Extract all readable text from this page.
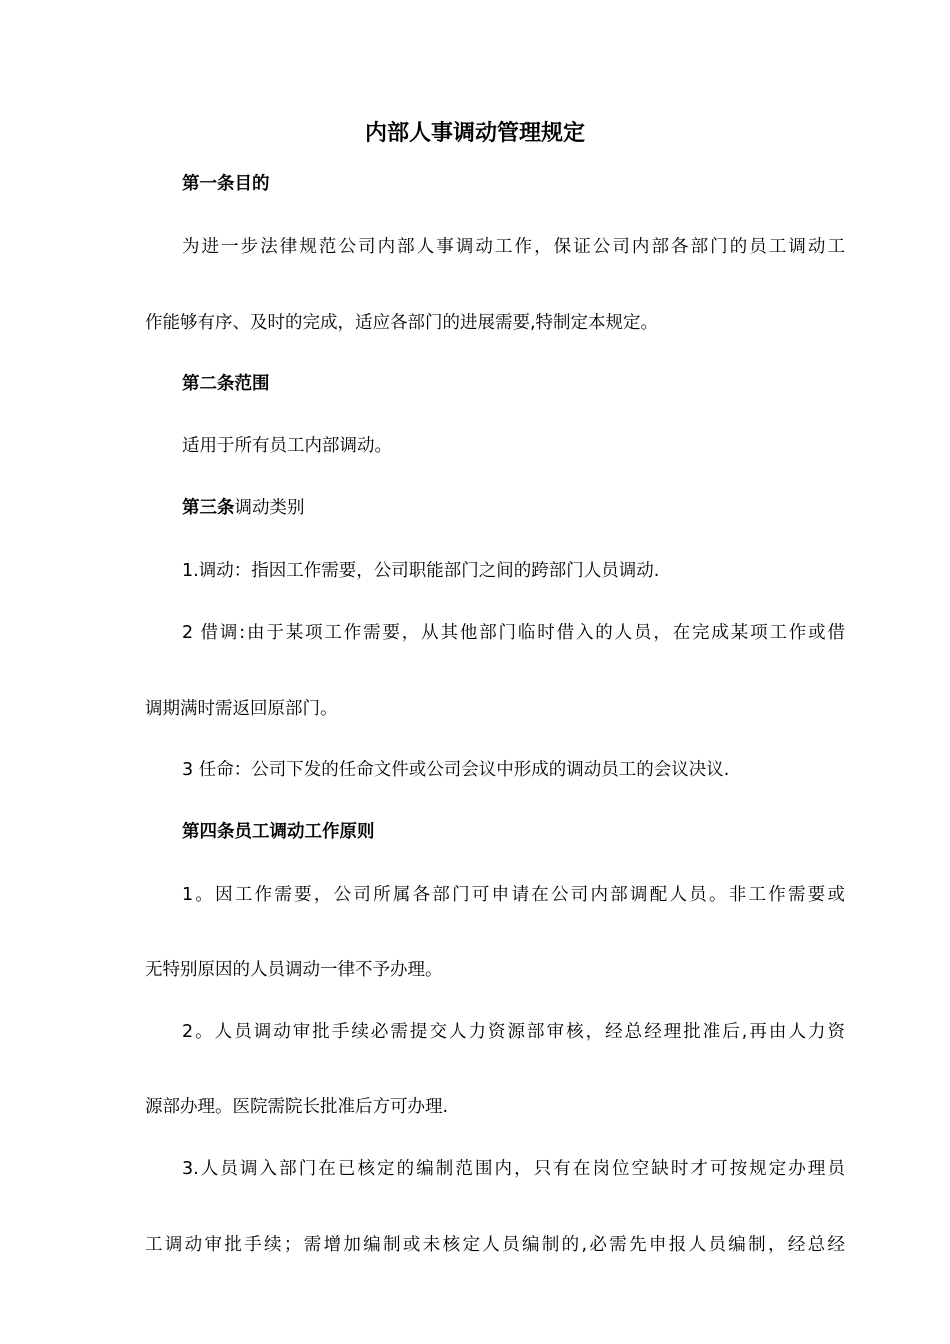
内部人事调动管理规定

第一条目的

为进一步法律规范公司内部人事调动工作，保证公司内部各部门的员工调动工

作能够有序、及时的完成，适应各部门的进展需要,特制定本规定。

第二条范围

适用于所有员工内部调动。

第三条调动类别

1.调动：指因工作需要，公司职能部门之间的跨部门人员调动.

2 借调:由于某项工作需要，从其他部门临时借入的人员，在完成某项工作或借

调期满时需返回原部门。

3 任命：公司下发的任命文件或公司会议中形成的调动员工的会议决议.

第四条员工调动工作原则

1。因工作需要，公司所属各部门可申请在公司内部调配人员。非工作需要或

无特别原因的人员调动一律不予办理。

2。人员调动审批手续必需提交人力资源部审核，经总经理批准后,再由人力资

源部办理。医院需院长批准后方可办理.

3.人员调入部门在已核定的编制范围内，只有在岗位空缺时才可按规定办理员

工调动审批手续；需增加编制或未核定人员编制的,必需先申报人员编制，经总经
